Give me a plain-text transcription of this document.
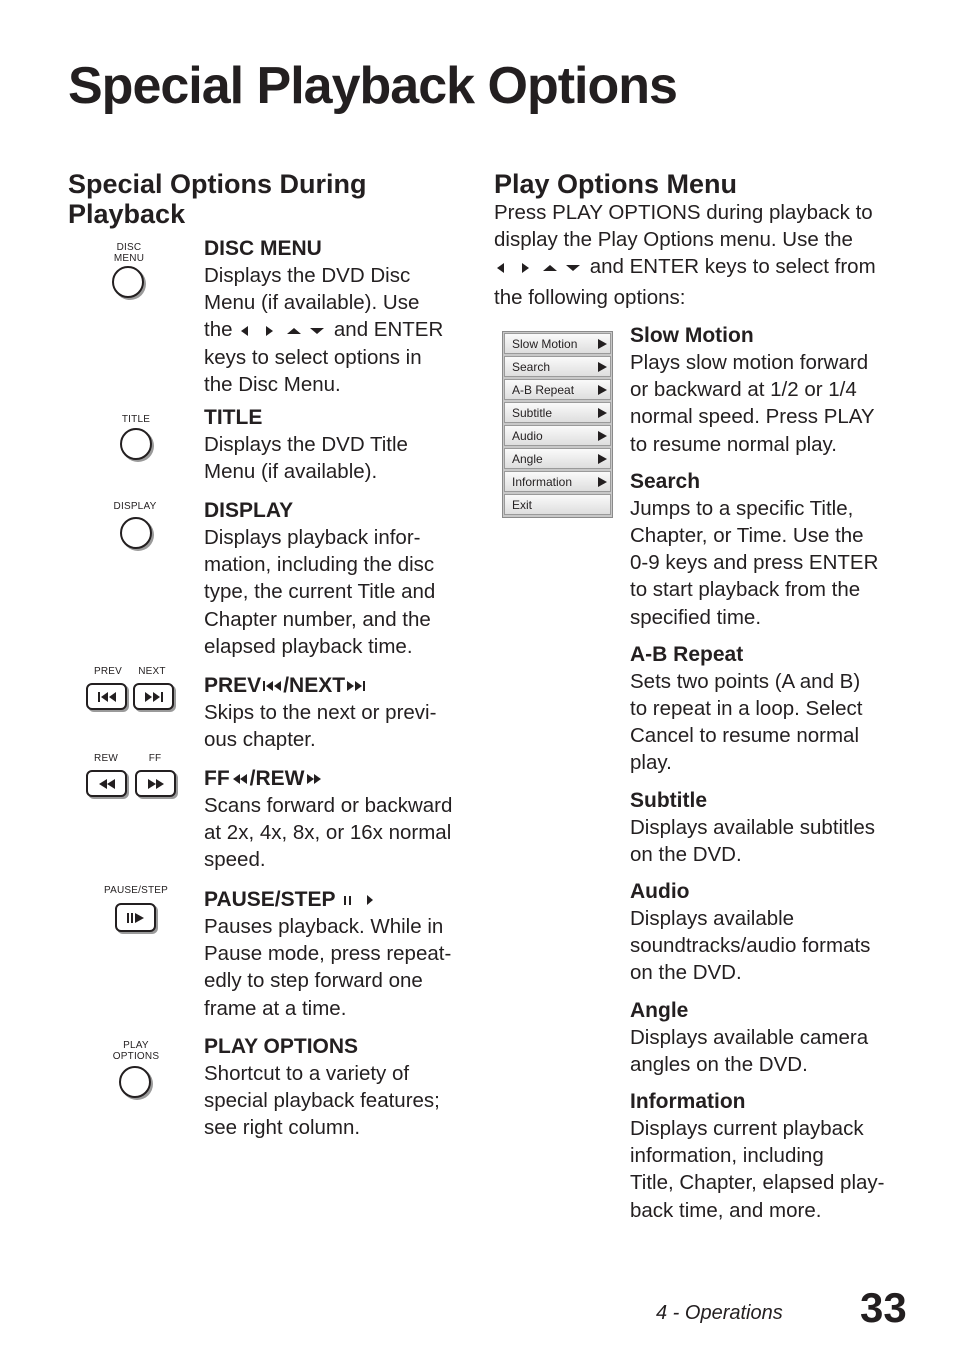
Special Playback Options
Special Options During
Playback
DISC
MENU	DISC MENU
Displays the DVD Disc
Menu (if available). Use
the	and ENTER
keys to select options in
the Disc Menu.
TITLE	TITLE
Displays the DVD Title
Menu (if available).
DISPLAY	DISPLAY
Displays playback infor-
mation, including the disc
type, the current Title and
Chapter number, and the
elapsed playback time.
PREV	NEXT
PREV /NEXT
Skips to the next or previ-
ous chapter.
REW	FF
FF /REW
Scans forward or backward
at 2x, 4x, 8x, or 16x normal
speed.
PAUSE/STEP PAUSE/STEP
Pauses playback. While in
Pause mode, press repeat-
edly to step forward one
frame at a time.
PLAY
OPTIONS	PLAY OPTIONS
Shortcut to a variety of
special playback features;
see right column.
Play Options Menu
Press PLAY OPTIONS during playback to
display the Play Options menu. Use the
and ENTER keys to select from
the following options:
Slow Motion
Search
A-B Repeat
Subtitle
Audio
Angle
Information
Exit
Slow Motion
Plays slow motion forward
or backward at 1/2 or 1/4
normal speed. Press PLAY
to resume normal play.
Search
Jumps to a specific Title,
Chapter, or Time. Use the
0-9 keys and press ENTER
to start playback from the
specified time.
A-B Repeat
Sets two points (A and B)
to repeat in a loop. Select
Cancel to resume normal
play.
Subtitle
Displays available subtitles
on the DVD.
Audio
Displays available
soundtracks/audio formats
on the DVD.
Angle
Displays available camera
angles on the DVD.
Information
Displays current playback
information, including
Title, Chapter, elapsed play-
back time, and more.
4 - Operations 33
